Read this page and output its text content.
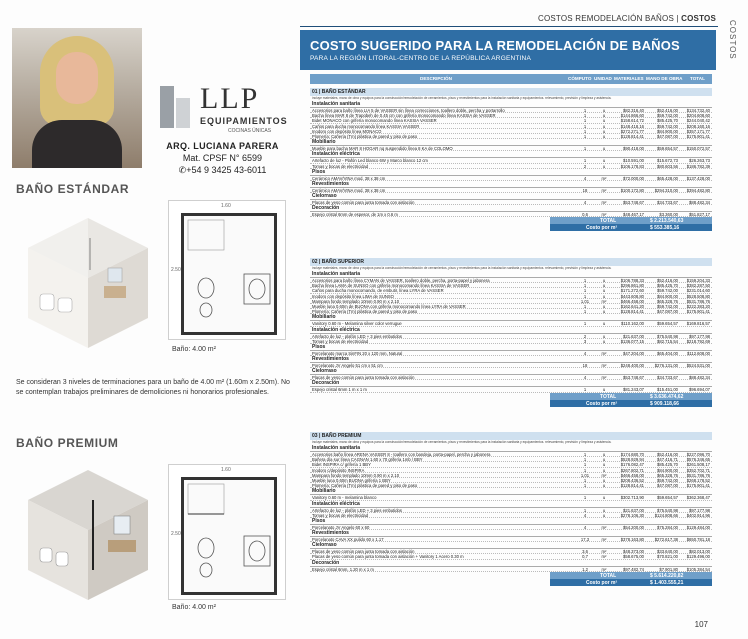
COSTOS REMODELACIÓN BAÑOS | COSTOS
COSTOS
LLP
EQUIPAMIENTOS
COCINAS ÚNICAS
ARQ. LUCIANA PARERA
Mat. CPSF N° 6599
✆+54 9 3425 43-6011
BAÑO ESTÁNDAR
1.60
2.50
Baño: 4.00 m²
Se consideran 3 niveles de terminaciones para un baño de 4.00 m² (1.60m x 2.50m). No se contemplan trabajos preliminares de demoliciones ni honorarios profesionales.
BAÑO PREMIUM
1.60
2.50
Baño: 4.00 m²
COSTO SUGERIDO PARA LA REMODELACIÓN DE BAÑOS
PARA LA REGIÓN LITORAL-CENTRO DE LA REPÚBLICA ARGENTINA
DESCRIPCIÓN	CÓMPUTO UNIDAD MATERIALES MANO DE OBRA TOTAL
01 | BAÑO ESTÁNDAR
incluye materiales, mano de obra y equipos para la construcción/remodelación de cerramientos, pisos y revestimientos para la instalación sanitaria y equipamientos. relevamiento, previsión y limpieza y asistencia.
Instalación sanitaria
Accesorios para baño línea LIA 5 de VASSER sin línea correcciones, toallero doble, percha y portarrollo	1	u	$82.316,40	$52.416,00	$134.732,40
Bacha línea MAR 8 de Trapobeh de 0.45 cm con grifería monocomando línea KASSIA de VASSER	1	u	$144.866,60	$59.742,00	$204.608,60
Bidet MONACO con grifería monocomando línea KASSIA VASSER	1	u	$158.614,72	$85.425,70	$244.040,42
Caños para ducha monocomando línea KASSIA VASSER	1	u	$148.418,16	$59.742,00	$208.160,16
Inodoro con depósito línea MONACO	1	u	$272.271,77	$84.900,00	$357.171,77
Plomería: Cañería (Tm) plástica de pared y piso de paso	1	u	$128.814,41	$47.087,00	$175.901,41
Mobiliario
Mueble para bacha MAR 8 HOGAR nq suspendido línea 8 KA de COLOMO	1	u	$90.418,00	$59.654,57	$150.072,57
Instalación eléctrica
Artefacto de luz - Plafón Led blanco 6W y Marco blanco 12 cm	1	u	$10.591,00	$15.672,73	$26.263,73
Tomas y bocas de electricidad	2	u	$106.178,83	$80.603,56	$186.782,39
Pisos
Cerámico AMAV/VINA mod. 38 x 38 cm	4	m²	$72.000,00	$65.428,00	$137.428,00
Revestimientos
Cerámico AMAV/VINA mod. 38 x 38 cm	18	m²	$100.172,80	$294.310,00	$394.482,80
Cielorraso
Placas de yeso común para junta tomada con aislación	4	m²	$53.748,67	$34.733,67	$88.482,34
Decoración
Espejo cristal 6mm de espesor, de 1m x 0.6 m	0,6	m²	$48.467,17	$3.360,00	$51.827,17
TOTAL	$ 2.213.540,63
Costo por m²	$ 553.385,16
02 | BAÑO SUPERIOR
incluye materiales, mano de obra y equipos para la construcción/remodelación de cerramientos, pisos y revestimientos para la instalación sanitaria y equipamientos. relevamiento, previsión y limpieza y asistencia.
Instalación sanitaria
Accesorios para baño línea CYMAN de VASSER, toallero doble, percha, porta-papel y jabonera	1	u	$106.788,33	$52.416,00	$159.204,33
Bacha línea LAMA de SUNSO con grifería monocomando línea KASSIA de VASSER	1	u	$296.861,80	$85.425,70	$382.287,50
Caños para ducha monocomando, de embutir, línea LYRA de VASSER	1	u	$171.272,60	$59.742,00	$231.014,60
Inodoro con depósito línea LIMA de SUNSO	1	u	$443.608,80	$84.900,00	$528.508,80
Mampara fondo templado 10mm 0.90 m x 2.10	1,01	m²	$466.458,00	$65.328,76	$531.786,76
Mueble luna 0.60m de BUONA con grifería monocomando línea LYRA de VASSER	1	u	$162.641,20	$59.742,00	$222.383,20
Plomería: Cañería (Tm) plástica de pared y piso de paso	1	u	$128.814,41	$47.087,00	$175.901,41
Mobiliario
Vanitory 0.60 m - Melamina silver color verrugue	1	u	$110.162,00	$59.654,57	$169.816,57
Instalación eléctrica
Artefacto de luz - plafón LED + 3 pies embutidos	2	u	$21.637,00	$75.540,98	$97.177,98
Tomas y bocas de electricidad	3	u	$136.077,15	$82.715,54	$218.792,69
Pisos
Porcelanato marca SinFIN 20 x 120 mm, Natural	4	m²	$47.204,00	$65.404,00	$112.608,00
Revestimientos
Porcelanato JV Angelo 51 cm x 51 cm	18	m²	$248.400,00	$276.131,00	$524.531,00
Cielorraso
Placas de yeso común para junta tomada con aislación	4	m²	$53.748,67	$34.733,67	$88.482,34
Decoración
Espejo cristal 6mm 1 m x 1 m	1	u	$81.243,07	$15.451,00	$96.694,07
TOTAL	$ 3.636.474,62
Costo por m²	$ 909.118,66
03 | BAÑO PREMIUM
incluye materiales, mano de obra y equipos para la construcción/remodelación de cerramientos, pisos y revestimientos para la instalación sanitaria y equipamientos. relevamiento, previsión y limpieza y asistencia.
Instalación sanitaria
Accesorios baño línea ARENA VASSER 8 - toallero con bandeja, porta-papel, percha y jabonera	1	u	$174.680,70	$52.416,00	$227.096,70
Bañera día sur línea CAGNAN 1.60 x 70 grifería 1mb / BBY	1	u	$528.929,94	$47.416,71	$576.346,65
Bidet INSPIRA c/ grifería 1 BBY	1	u	$176.082,47	$85.425,70	$261.508,17
Inodoro c/depósito INSPIRA	1	u	$267.802,71	$84.900,00	$352.702,71
Mampara fondo templado 10mm 0.90 m x 2.10	1,01	m²	$466.458,00	$65.328,76	$531.786,76
Mueble luna 0.60m BUONA grifería 1 BBY	1	u	$208.436,52	$59.742,00	$268.178,52
Plomería: Cañería (Tm) plástica de pared y piso de paso	1	u	$128.814,41	$47.087,00	$175.901,41
Mobiliario
Vanitory 0.60 m - melamina blanco	1	u	$302.713,90	$59.654,57	$362.368,47
Instalación eléctrica
Artefacto de luz - plafón LED + 3 pies embutidos	1	u	$21.637,00	$75.540,98	$97.177,98
Tomas y bocas de electricidad	4	u	$278.106,30	$124.808,66	$402.914,96
Pisos
Porcelanato JV Angelo 60 x 60	4	m²	$54.200,00	$75.284,00	$129.484,00
Revestimientos
Porcelanato CAVA XX pulido 60 x 1.17	17,3	m²	$378.163,80	$272.617,38	$650.781,18
Cielorraso
Placas de yeso común para junta tomada con aislación	3,6	m²	$48.373,00	$33.640,00	$82.013,00
Placas de yeso común para junta tomada con aislación + Vanitory 1 Acero 0.30 m	0,7	m²	$58.675,00	$70.821,00	$129.496,00
Decoración
Espejo cristal 6mm, 1.20 m x 1 m	1,2	m²	$97.482,74	$7.901,80	$105.384,54
TOTAL	$ 5.614.220,82
Costo por m²	$ 1.403.555,21
107
